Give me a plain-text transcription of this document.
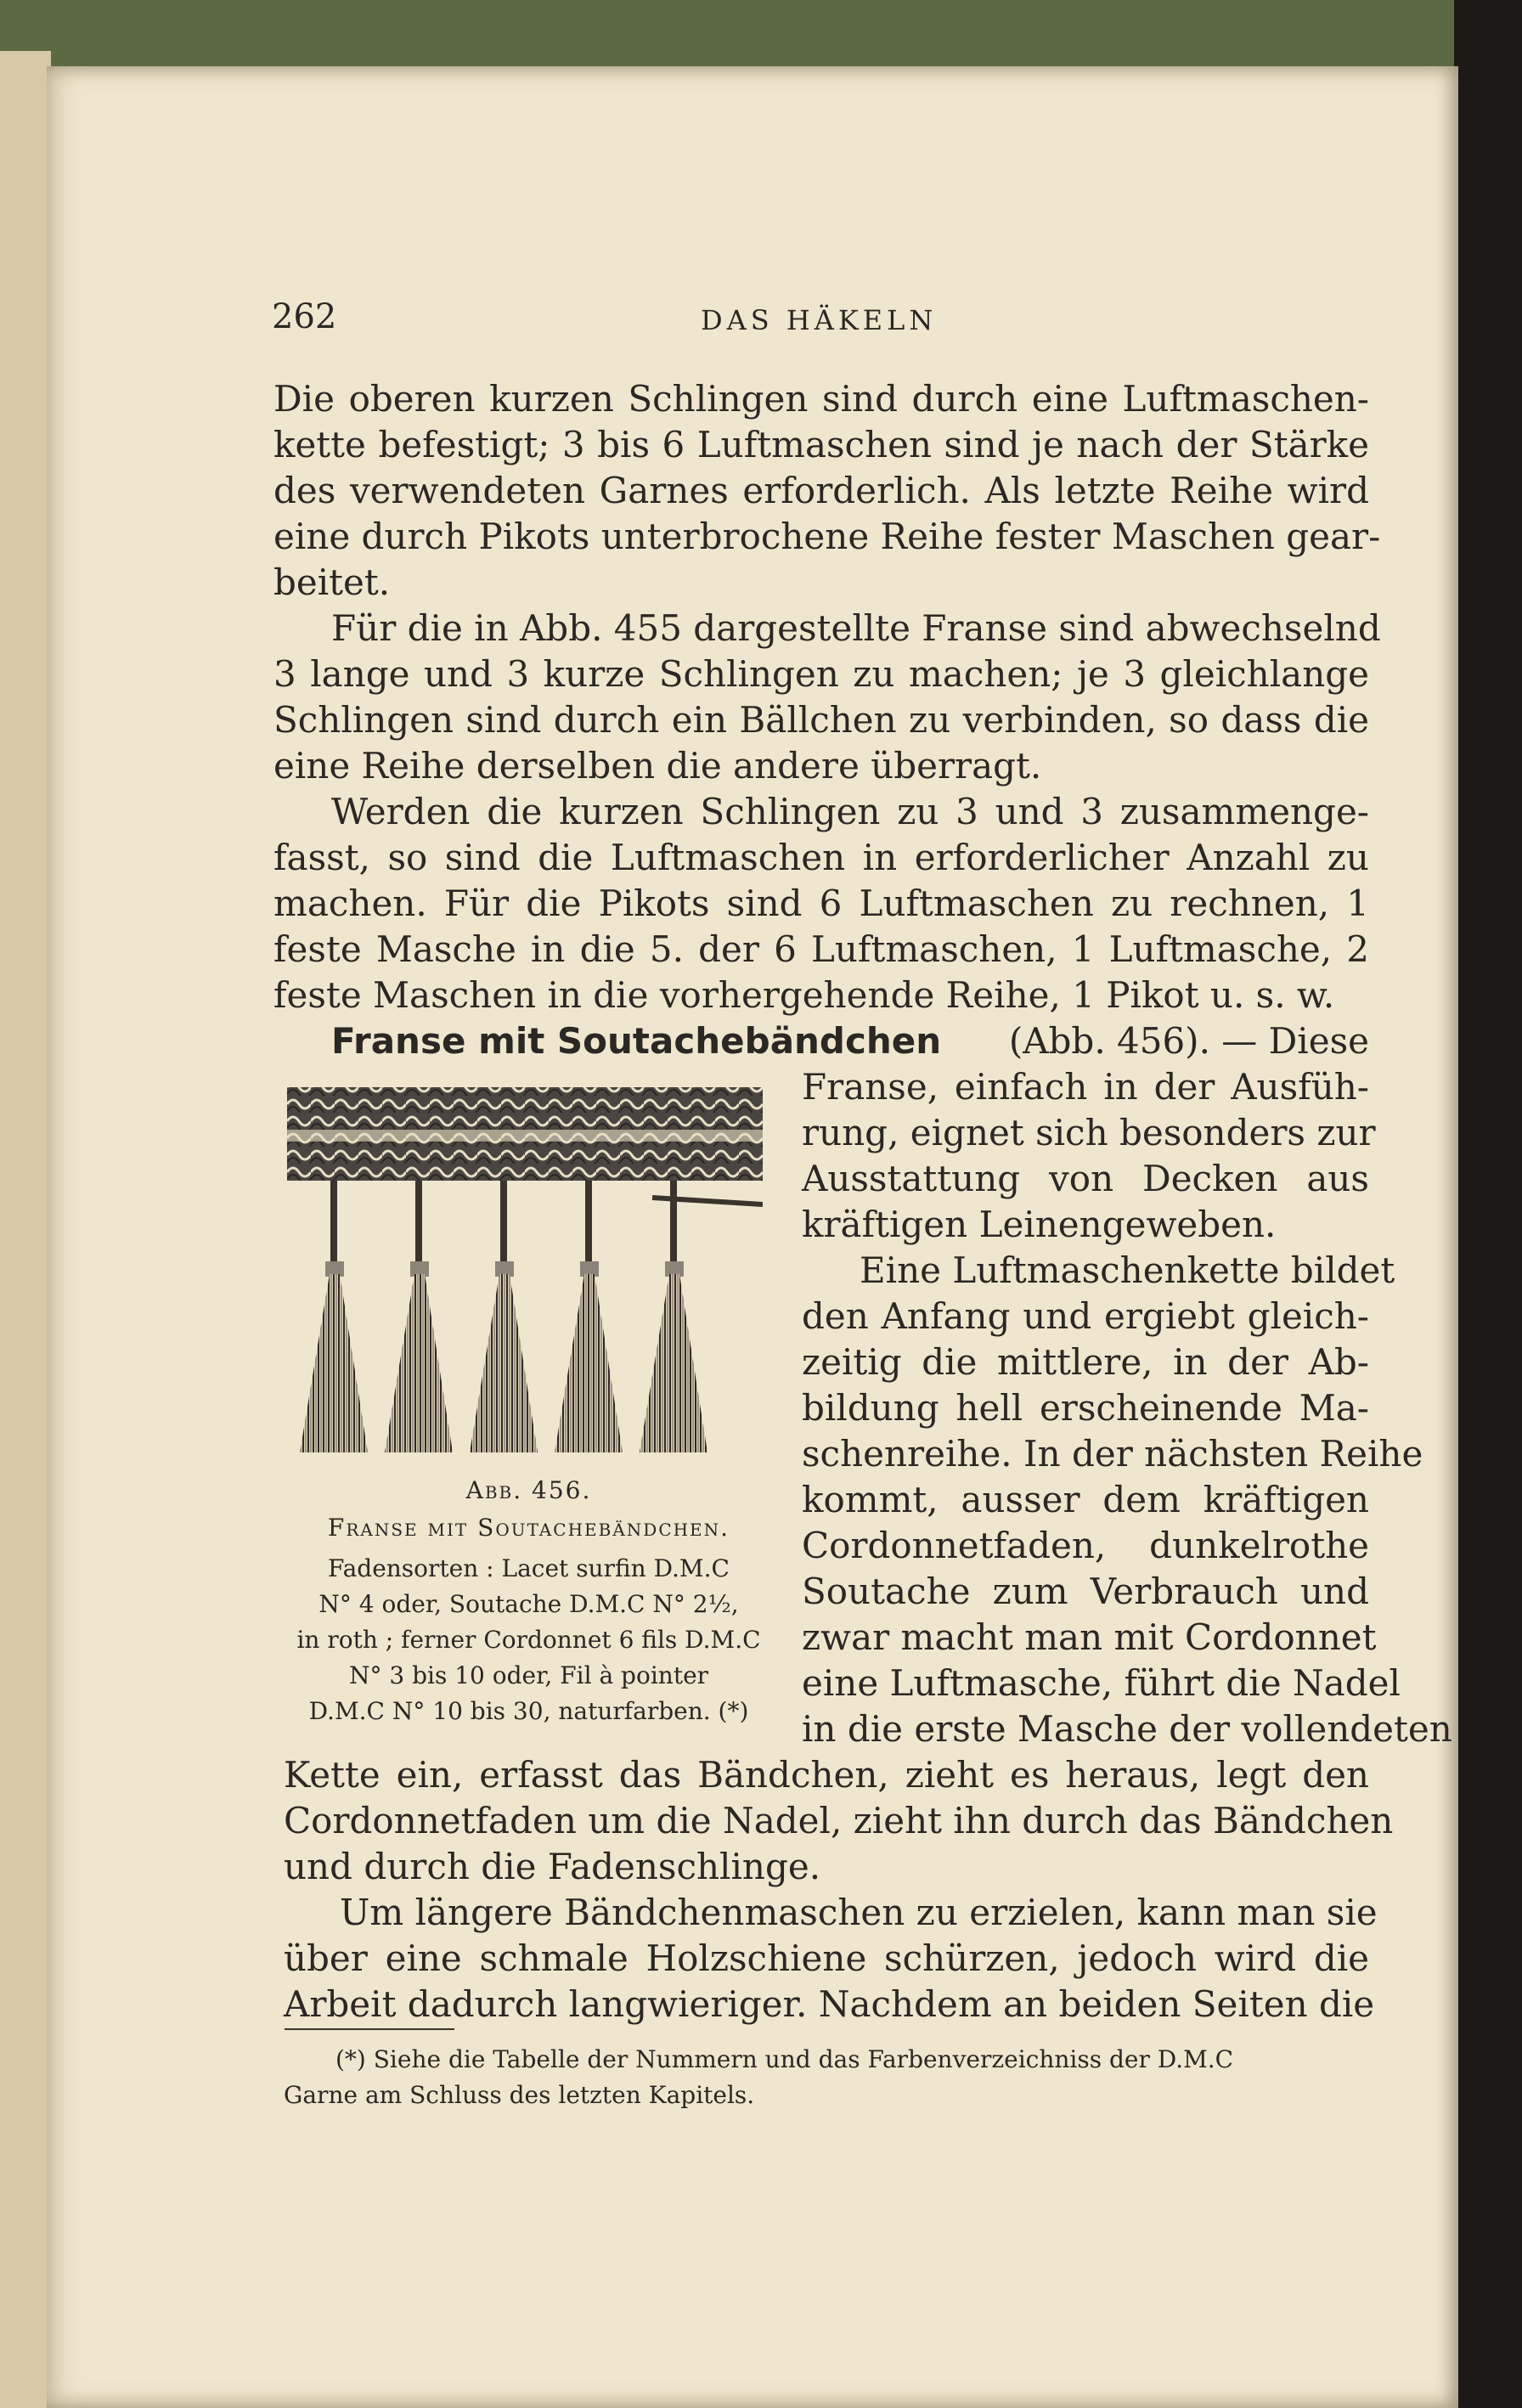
262	DAS HÄKELN
Die oberen kurzen Schlingen sind durch eine Luftmaschen-
kette befestigt; 3 bis 6 Luftmaschen sind je nach der Stärke
des verwendeten Garnes erforderlich. Als letzte Reihe wird
eine durch Pikots unterbrochene Reihe fester Maschen gear-
beitet.
Für die in Abb. 455 dargestellte Franse sind abwechselnd
3 lange und 3 kurze Schlingen zu machen; je 3 gleichlange
Schlingen sind durch ein Bällchen zu verbinden, so dass die
eine Reihe derselben die andere überragt.
Werden die kurzen Schlingen zu 3 und 3 zusammenge-
fasst, so sind die Luftmaschen in erforderlicher Anzahl zu
machen. Für die Pikots sind 6 Luftmaschen zu rechnen, 1
feste Masche in die 5. der 6 Luftmaschen, 1 Luftmasche, 2
feste Maschen in die vorhergehende Reihe, 1 Pikot u. s. w.
Franse mit Soutachebändchen (Abb. 456). — Diese
Abb. 456.
Franse mit Soutachebändchen.
Fadensorten : Lacet surfin D.M.C
N° 4 oder, Soutache D.M.C N° 2½,
in roth ; ferner Cordonnet 6 fils D.M.C
N° 3 bis 10 oder, Fil à pointer
D.M.C N° 10 bis 30, naturfarben. (*)
Franse, einfach in der Ausfüh-
rung, eignet sich besonders zur
Ausstattung von Decken aus
kräftigen Leinengeweben.
Eine Luftmaschenkette bildet
den Anfang und ergiebt gleich-
zeitig die mittlere, in der Ab-
bildung hell erscheinende Ma-
schenreihe. In der nächsten Reihe
kommt, ausser dem kräftigen
Cordonnetfaden, dunkelrothe
Soutache zum Verbrauch und
zwar macht man mit Cordonnet
eine Luftmasche, führt die Nadel
in die erste Masche der vollendeten
Kette ein, erfasst das Bändchen, zieht es heraus, legt den
Cordonnetfaden um die Nadel, zieht ihn durch das Bändchen
und durch die Fadenschlinge.
Um längere Bändchenmaschen zu erzielen, kann man sie
über eine schmale Holzschiene schürzen, jedoch wird die
Arbeit dadurch langwieriger. Nachdem an beiden Seiten die
(*) Siehe die Tabelle der Nummern und das Farbenverzeichniss der D.M.C
Garne am Schluss des letzten Kapitels.
